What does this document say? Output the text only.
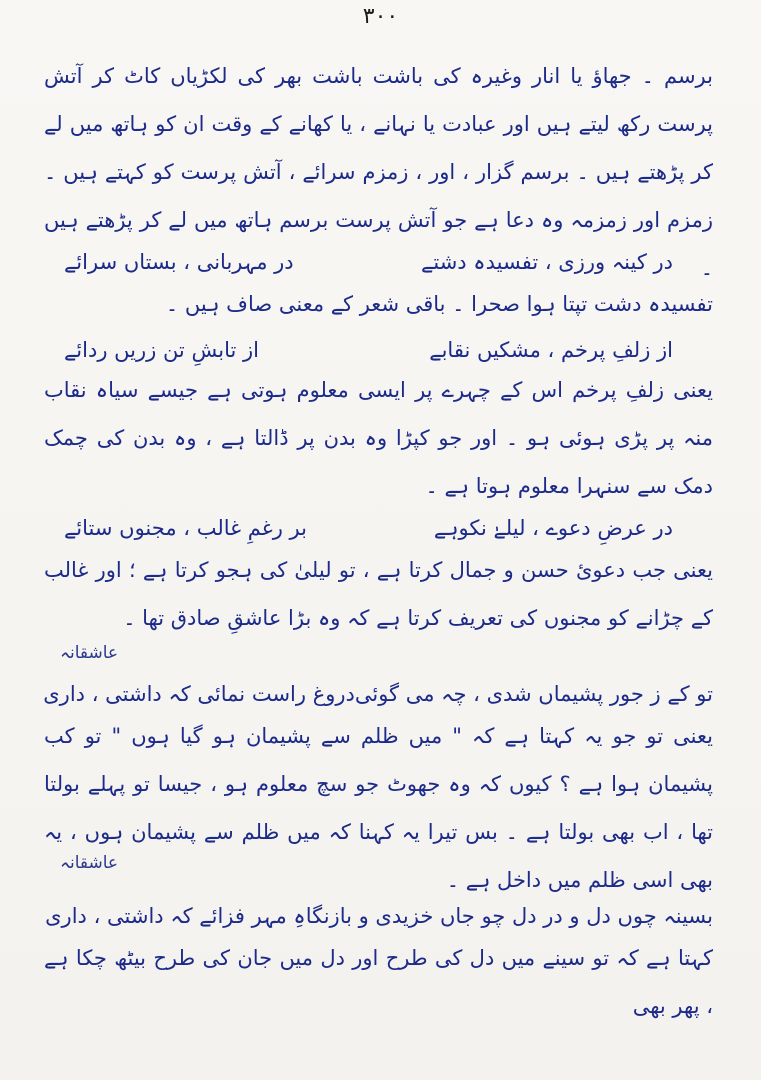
۳۰۰

برسم ۔ جھاؤ یا انار وغیرہ کی باشت باشت بھر کی لکڑیاں کاٹ کر آتش پرست رکھ لیتے ہیں اور عبادت یا نہانے ، یا کھانے کے وقت ان کو ہاتھ میں لے کر پڑھتے ہیں ۔ برسم گزار ، اور ، زمزم سرائے ، آتش پرست کو کہتے ہیں ۔ زمزم اور زمزمہ وہ دعا ہے جو آتش پرست برسم ہاتھ میں لے کر پڑھتے ہیں ۔

در کینہ ورزی ، تفسیدہ دشتے
در مہربانی ، بستاں سرائے

تفسیدہ دشت تپتا ہوا صحرا ۔ باقی شعر کے معنی صاف ہیں ۔

از زلفِ پرخم ، مشکیں نقابے
از تابشِ تن زریں ردائے

یعنی زلفِ پرخم اس کے چہرے پر ایسی معلوم ہوتی ہے جیسے سیاہ نقاب منہ پر پڑی ہوئی ہو ۔ اور جو کپڑا وہ بدن پر ڈالتا ہے ، وہ بدن کی چمک دمک سے سنہرا معلوم ہوتا ہے ۔

در عرضِ دعوے ، لیلےٰ نکوہے
بر رغمِ غالب ، مجنوں ستائے

یعنی جب دعویٔ حسن و جمال کرتا ہے ، تو لیلیٰ کی ہجو کرتا ہے ؛ اور غالب کے چڑانے کو مجنوں کی تعریف کرتا ہے کہ وہ بڑا عاشقِ صادق تھا ۔

عاشقانہ
تو کے ز جور پشیماں شدی ، چہ می گوئی
دروغ راست نمائی کہ داشتی ، داری

یعنی تو جو یہ کہتا ہے کہ " میں ظلم سے پشیمان ہو گیا ہوں " تو کب پشیمان ہوا ہے ؟ کیوں کہ وہ جھوٹ جو سچ معلوم ہو ، جیسا تو پہلے بولتا تھا ، اب بھی بولتا ہے ۔ بس تیرا یہ کہنا کہ میں ظلم سے پشیمان ہوں ، یہ بھی اسی ظلم میں داخل ہے ۔

عاشقانہ
بسینہ چوں دل و در دل چو جاں خزیدی و باز
نگاہِ مہر فزائے کہ داشتی ، داری

کہتا ہے کہ تو سینے میں دل کی طرح اور دل میں جان کی طرح بیٹھ چکا ہے ، پھر بھی
